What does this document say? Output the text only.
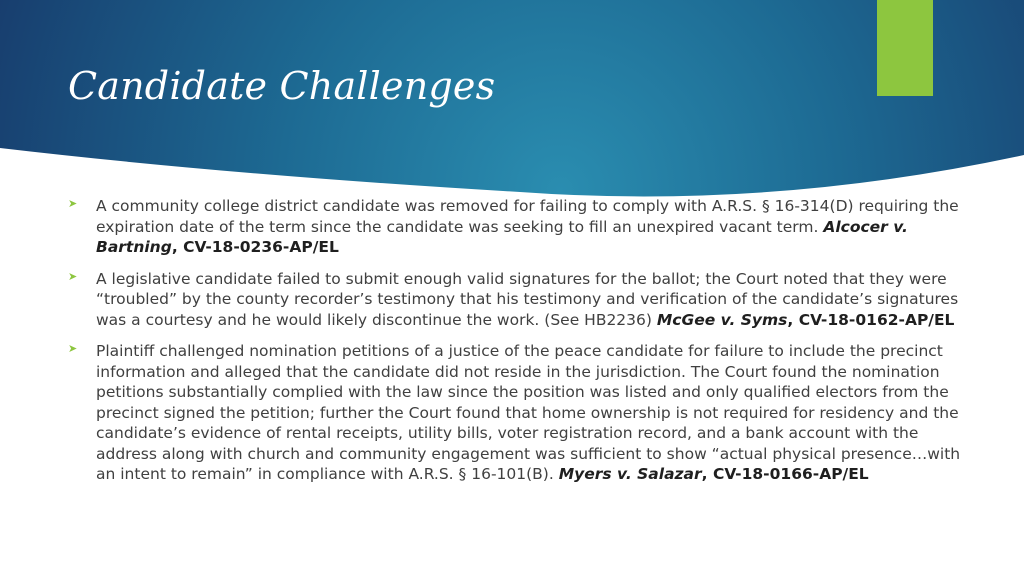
Candidate Challenges
➤ A community college district candidate was removed for failing to comply with A.R.S. § 16-314(D) requiring the expiration date of the term since the candidate was seeking to fill an unexpired vacant term. Alcocer v. Bartning, CV-18-0236-AP/EL
➤ A legislative candidate failed to submit enough valid signatures for the ballot; the Court noted that they were “troubled” by the county recorder’s testimony that his testimony and verification of the candidate’s signatures was a courtesy and he would likely discontinue the work. (See HB2236) McGee v. Syms, CV-18-0162-AP/EL
➤ Plaintiff challenged nomination petitions of a justice of the peace candidate for failure to include the precinct information and alleged that the candidate did not reside in the jurisdiction. The Court found the nomination petitions substantially complied with the law since the position was listed and only qualified electors from the precinct signed the petition; further the Court found that home ownership is not required for residency and the candidate’s evidence of rental receipts, utility bills, voter registration record, and a bank account with the address along with church and community engagement was sufficient to show “actual physical presence…with an intent to remain” in compliance with A.R.S. § 16-101(B). Myers v. Salazar, CV-18-0166-AP/EL
